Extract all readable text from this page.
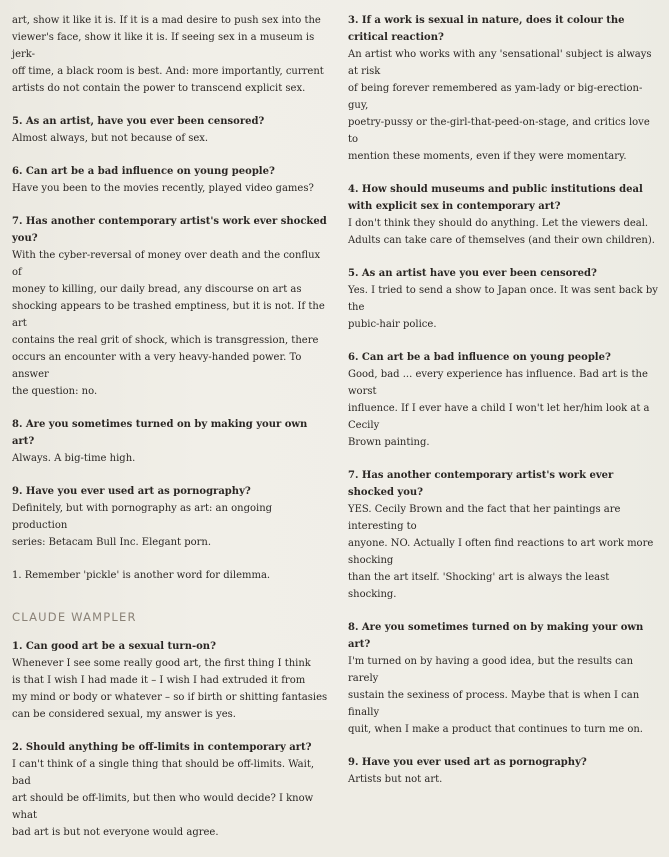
art, show it like it is. If it is a mad desire to push sex into the

viewer's face, show it like it is. If seeing sex in a museum is jerk-

off time, a black room is best. And: more importantly, current

artists do not contain the power to transcend explicit sex.

5. As an artist, have you ever been censored?

Almost always, but not because of sex.

6. Can art be a bad influence on young people?

Have you been to the movies recently, played video games?

7. Has another contemporary artist's work ever shocked you?

With the cyber-reversal of money over death and the conflux of

money to killing, our daily bread, any discourse on art as

shocking appears to be trashed emptiness, but it is not. If the art

contains the real grit of shock, which is transgression, there

occurs an encounter with a very heavy-handed power. To answer

the question: no.

8. Are you sometimes turned on by making your own art?

Always. A big-time high.

9. Have you ever used art as pornography?

Definitely, but with pornography as art: an ongoing production

series: Betacam Bull Inc. Elegant porn.

1. Remember 'pickle' is another word for dilemma.

CLAUDE WAMPLER

1. Can good art be a sexual turn-on?

Whenever I see some really good art, the first thing I think

is that I wish I had made it – I wish I had extruded it from

my mind or body or whatever – so if birth or shitting fantasies

can be considered sexual, my answer is yes.

2. Should anything be off-limits in contemporary art?

I can't think of a single thing that should be off-limits. Wait, bad

art should be off-limits, but then who would decide? I know what

bad art is but not everyone would agree.

3. If a work is sexual in nature, does it colour the critical reaction?

An artist who works with any 'sensational' subject is always at risk

of being forever remembered as yam-lady or big-erection-guy,

poetry-pussy or the-girl-that-peed-on-stage, and critics love to

mention these moments, even if they were momentary.

4. How should museums and public institutions deal with explicit sex in contemporary art?

I don't think they should do anything. Let the viewers deal.

Adults can take care of themselves (and their own children).

5. As an artist have you ever been censored?

Yes. I tried to send a show to Japan once. It was sent back by the

pubic-hair police.

6. Can art be a bad influence on young people?

Good, bad ... every experience has influence. Bad art is the worst

influence. If I ever have a child I won't let her/him look at a Cecily

Brown painting.

7. Has another contemporary artist's work ever shocked you?

YES. Cecily Brown and the fact that her paintings are interesting to

anyone. NO. Actually I often find reactions to art work more shocking

than the art itself. 'Shocking' art is always the least shocking.

8. Are you sometimes turned on by making your own art?

I'm turned on by having a good idea, but the results can rarely

sustain the sexiness of process. Maybe that is when I can finally

quit, when I make a product that continues to turn me on.

9. Have you ever used art as pornography?

Artists but not art.
